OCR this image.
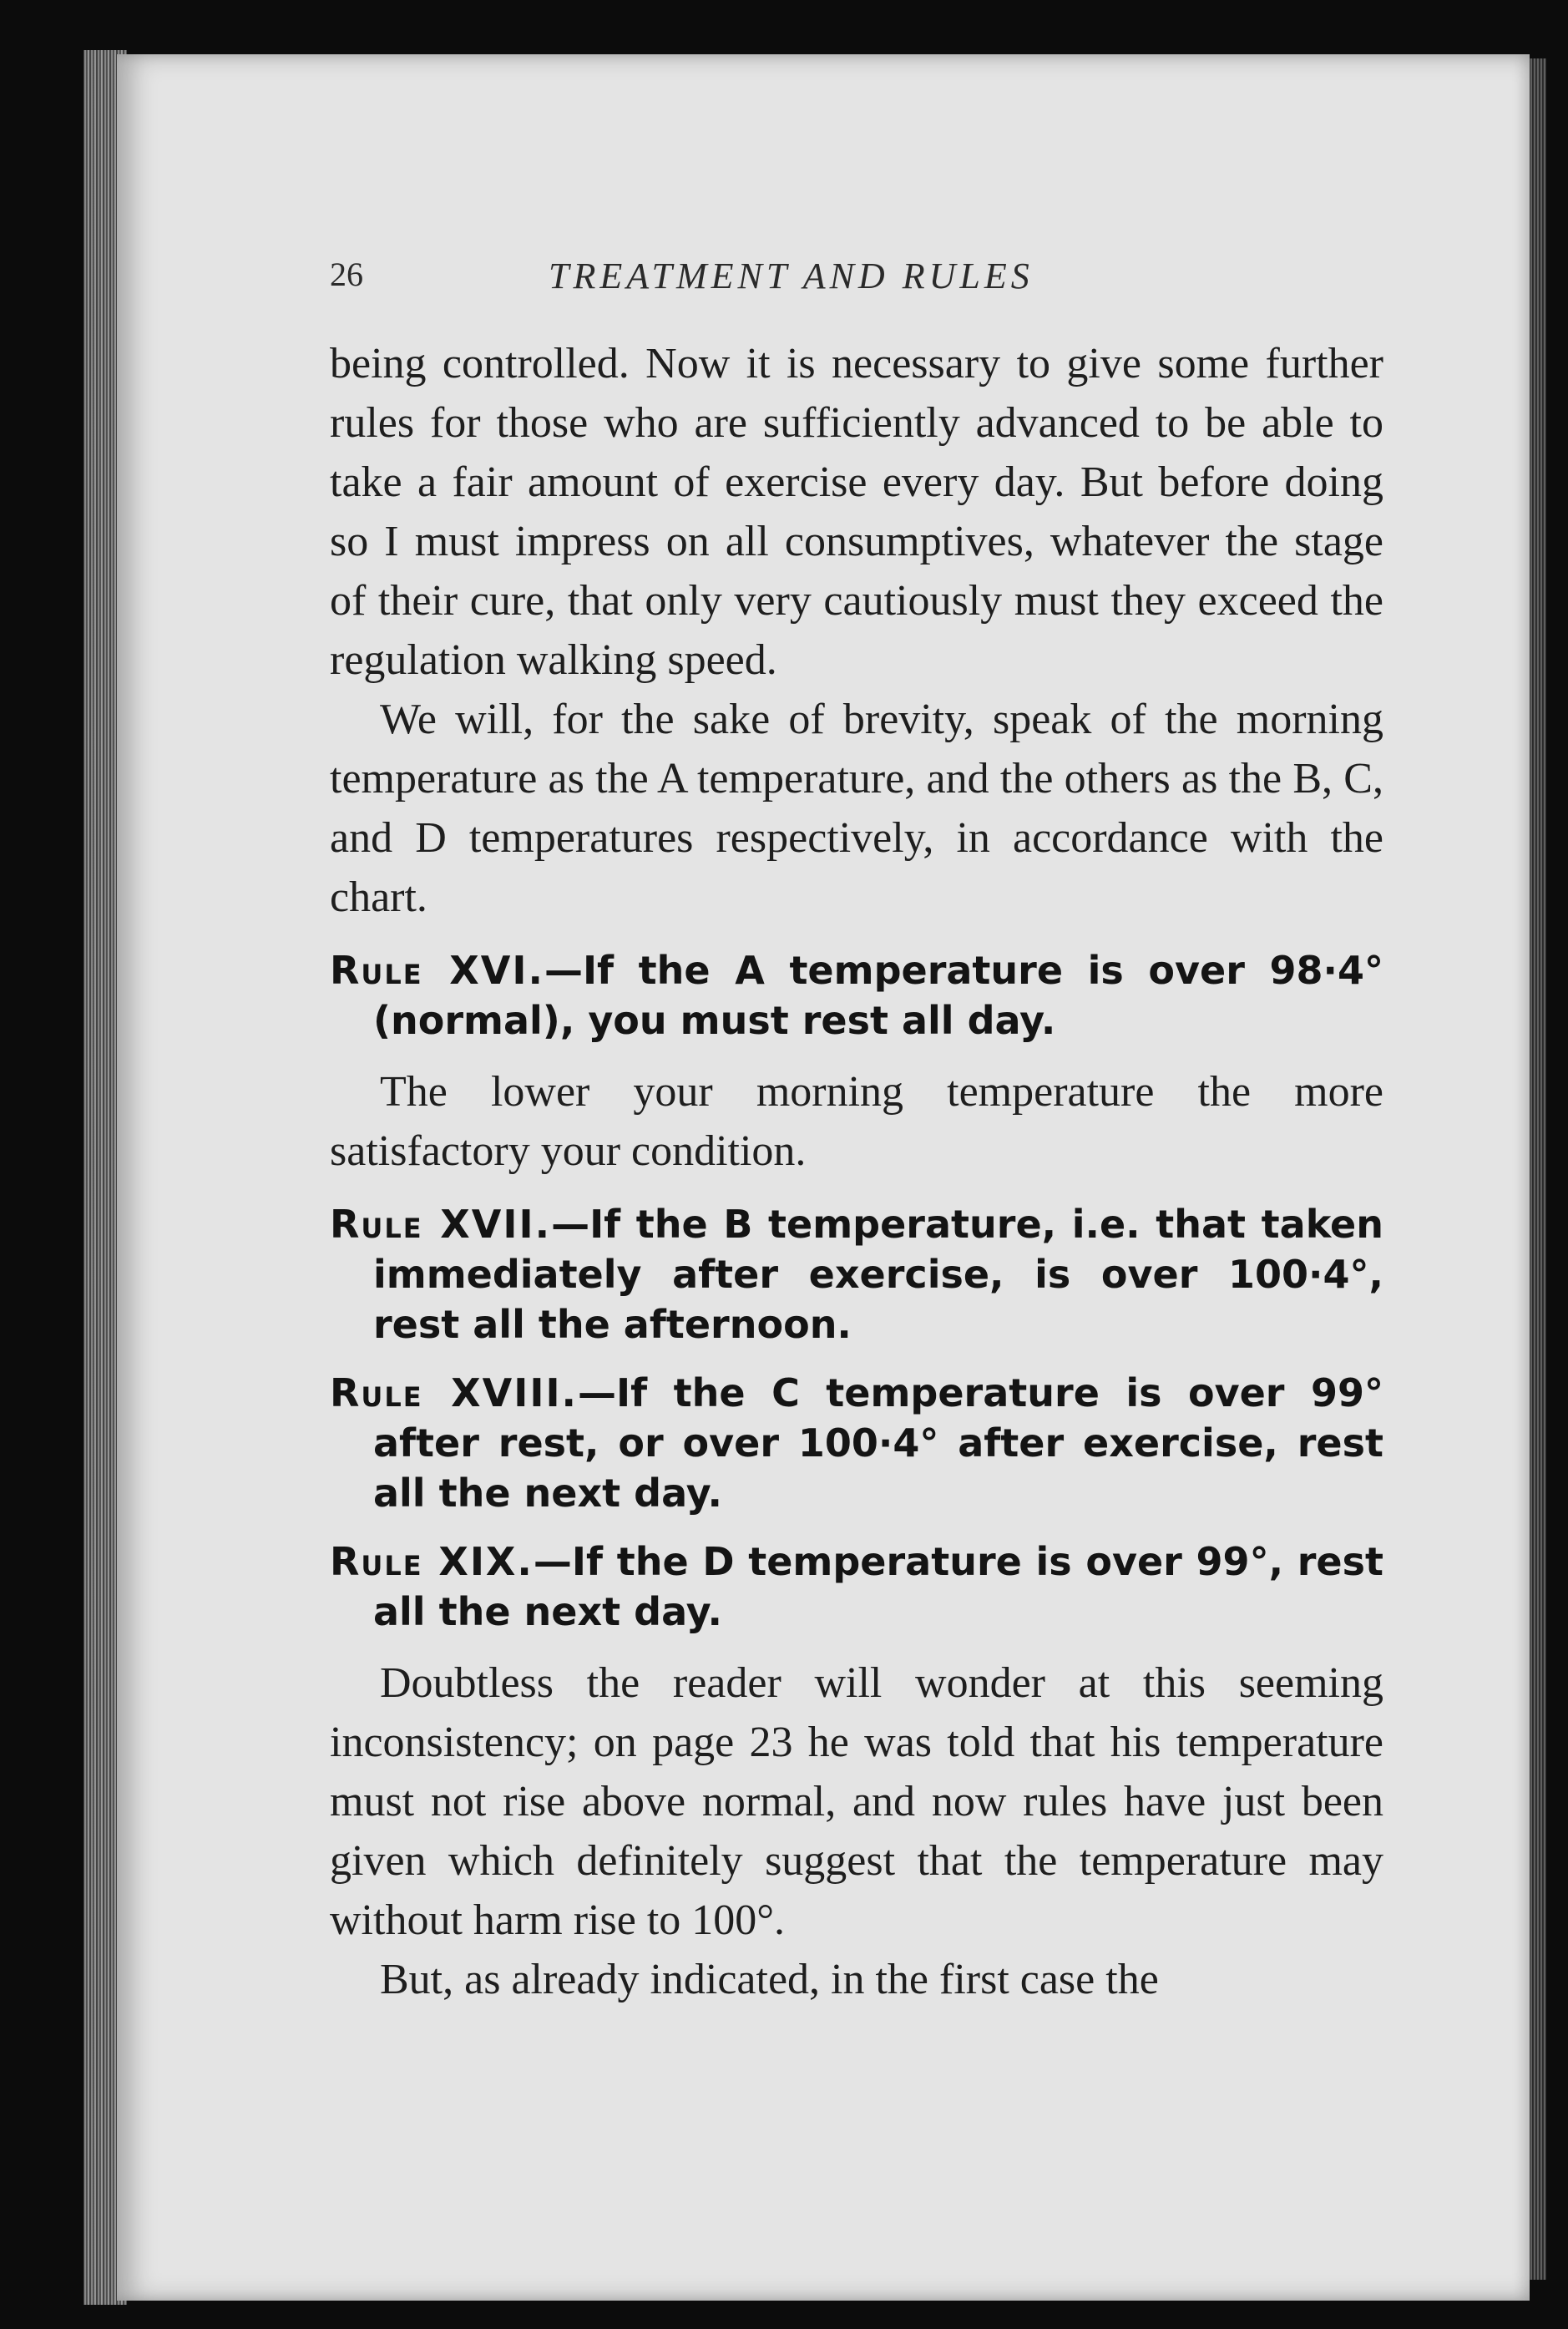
26	TREATMENT AND RULES

being controlled. Now it is necessary to give some further rules for those who are sufficiently advanced to be able to take a fair amount of exercise every day. But before doing so I must impress on all consumptives, whatever the stage of their cure, that only very cautiously must they exceed the regulation walking speed.

We will, for the sake of brevity, speak of the morning temperature as the A temperature, and the others as the B, C, and D temperatures respectively, in accordance with the chart.

Rule XVI.—If the A temperature is over 98·4° (normal), you must rest all day.

The lower your morning temperature the more satisfactory your condition.

Rule XVII.—If the B temperature, i.e. that taken immediately after exercise, is over 100·4°, rest all the afternoon.

Rule XVIII.—If the C temperature is over 99° after rest, or over 100·4° after exercise, rest all the next day.

Rule XIX.—If the D temperature is over 99°, rest all the next day.

Doubtless the reader will wonder at this seeming inconsistency; on page 23 he was told that his temperature must not rise above normal, and now rules have just been given which definitely suggest that the temperature may without harm rise to 100°.

But, as already indicated, in the first case the
